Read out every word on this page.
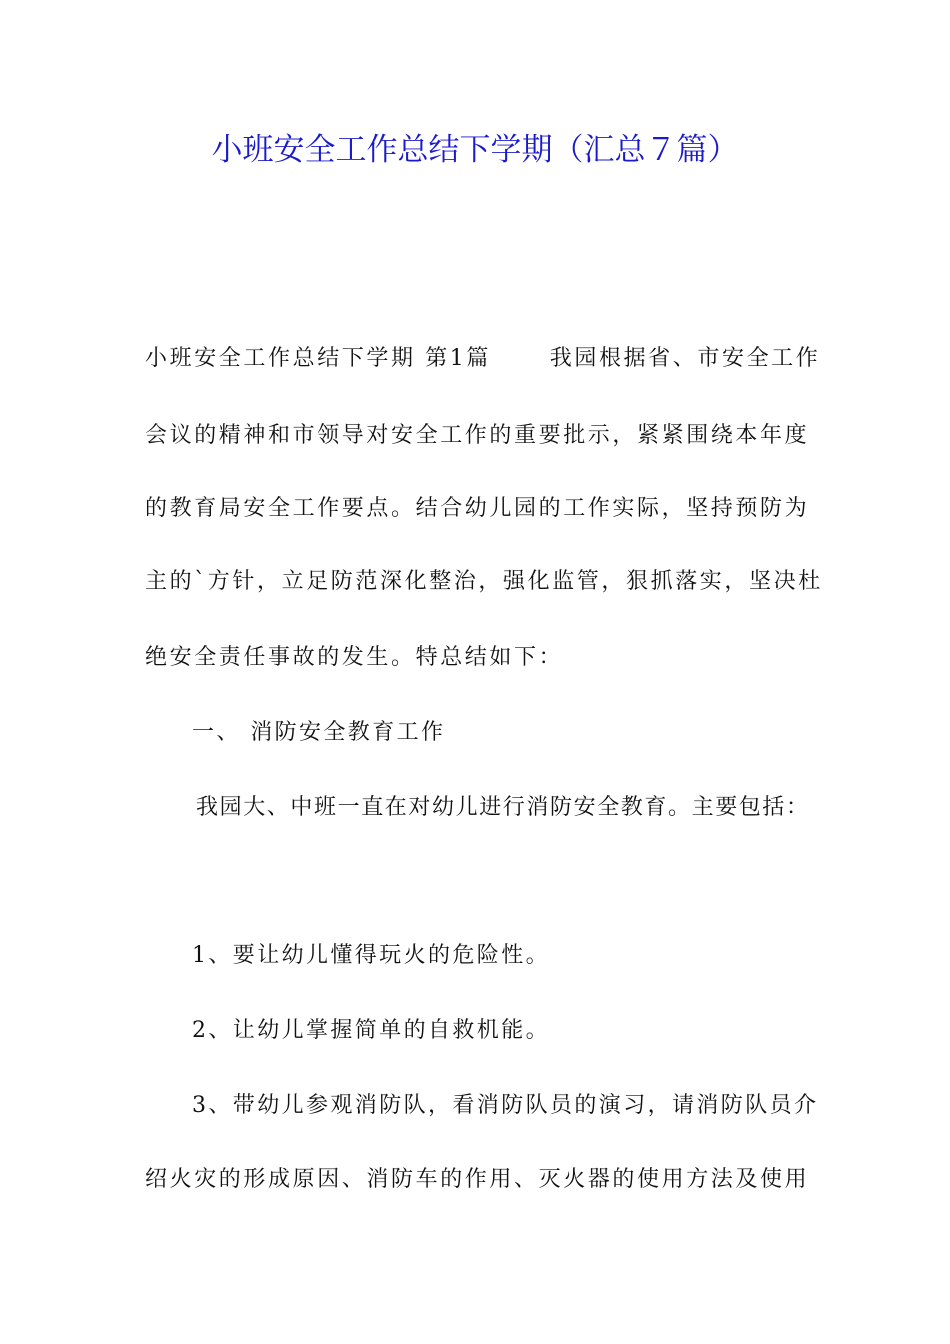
小班安全工作总结下学期（汇总７篇）
小班安全工作总结下学期 第1篇 　　我园根据省、市安全工作
会议的精神和市领导对安全工作的重要批示，紧紧围绕本年度
的教育局安全工作要点。结合幼儿园的工作实际，坚持预防为
主的`方针，立足防范深化整治，强化监管，狠抓落实，坚决杜
绝安全责任事故的发生。特总结如下：
一、 消防安全教育工作
我园大、中班一直在对幼儿进行消防安全教育。主要包括：
1、要让幼儿懂得玩火的危险性。
2、让幼儿掌握简单的自救机能。
3、带幼儿参观消防队，看消防队员的演习，请消防队员介
绍火灾的形成原因、消防车的作用、灭火器的使用方法及使用
